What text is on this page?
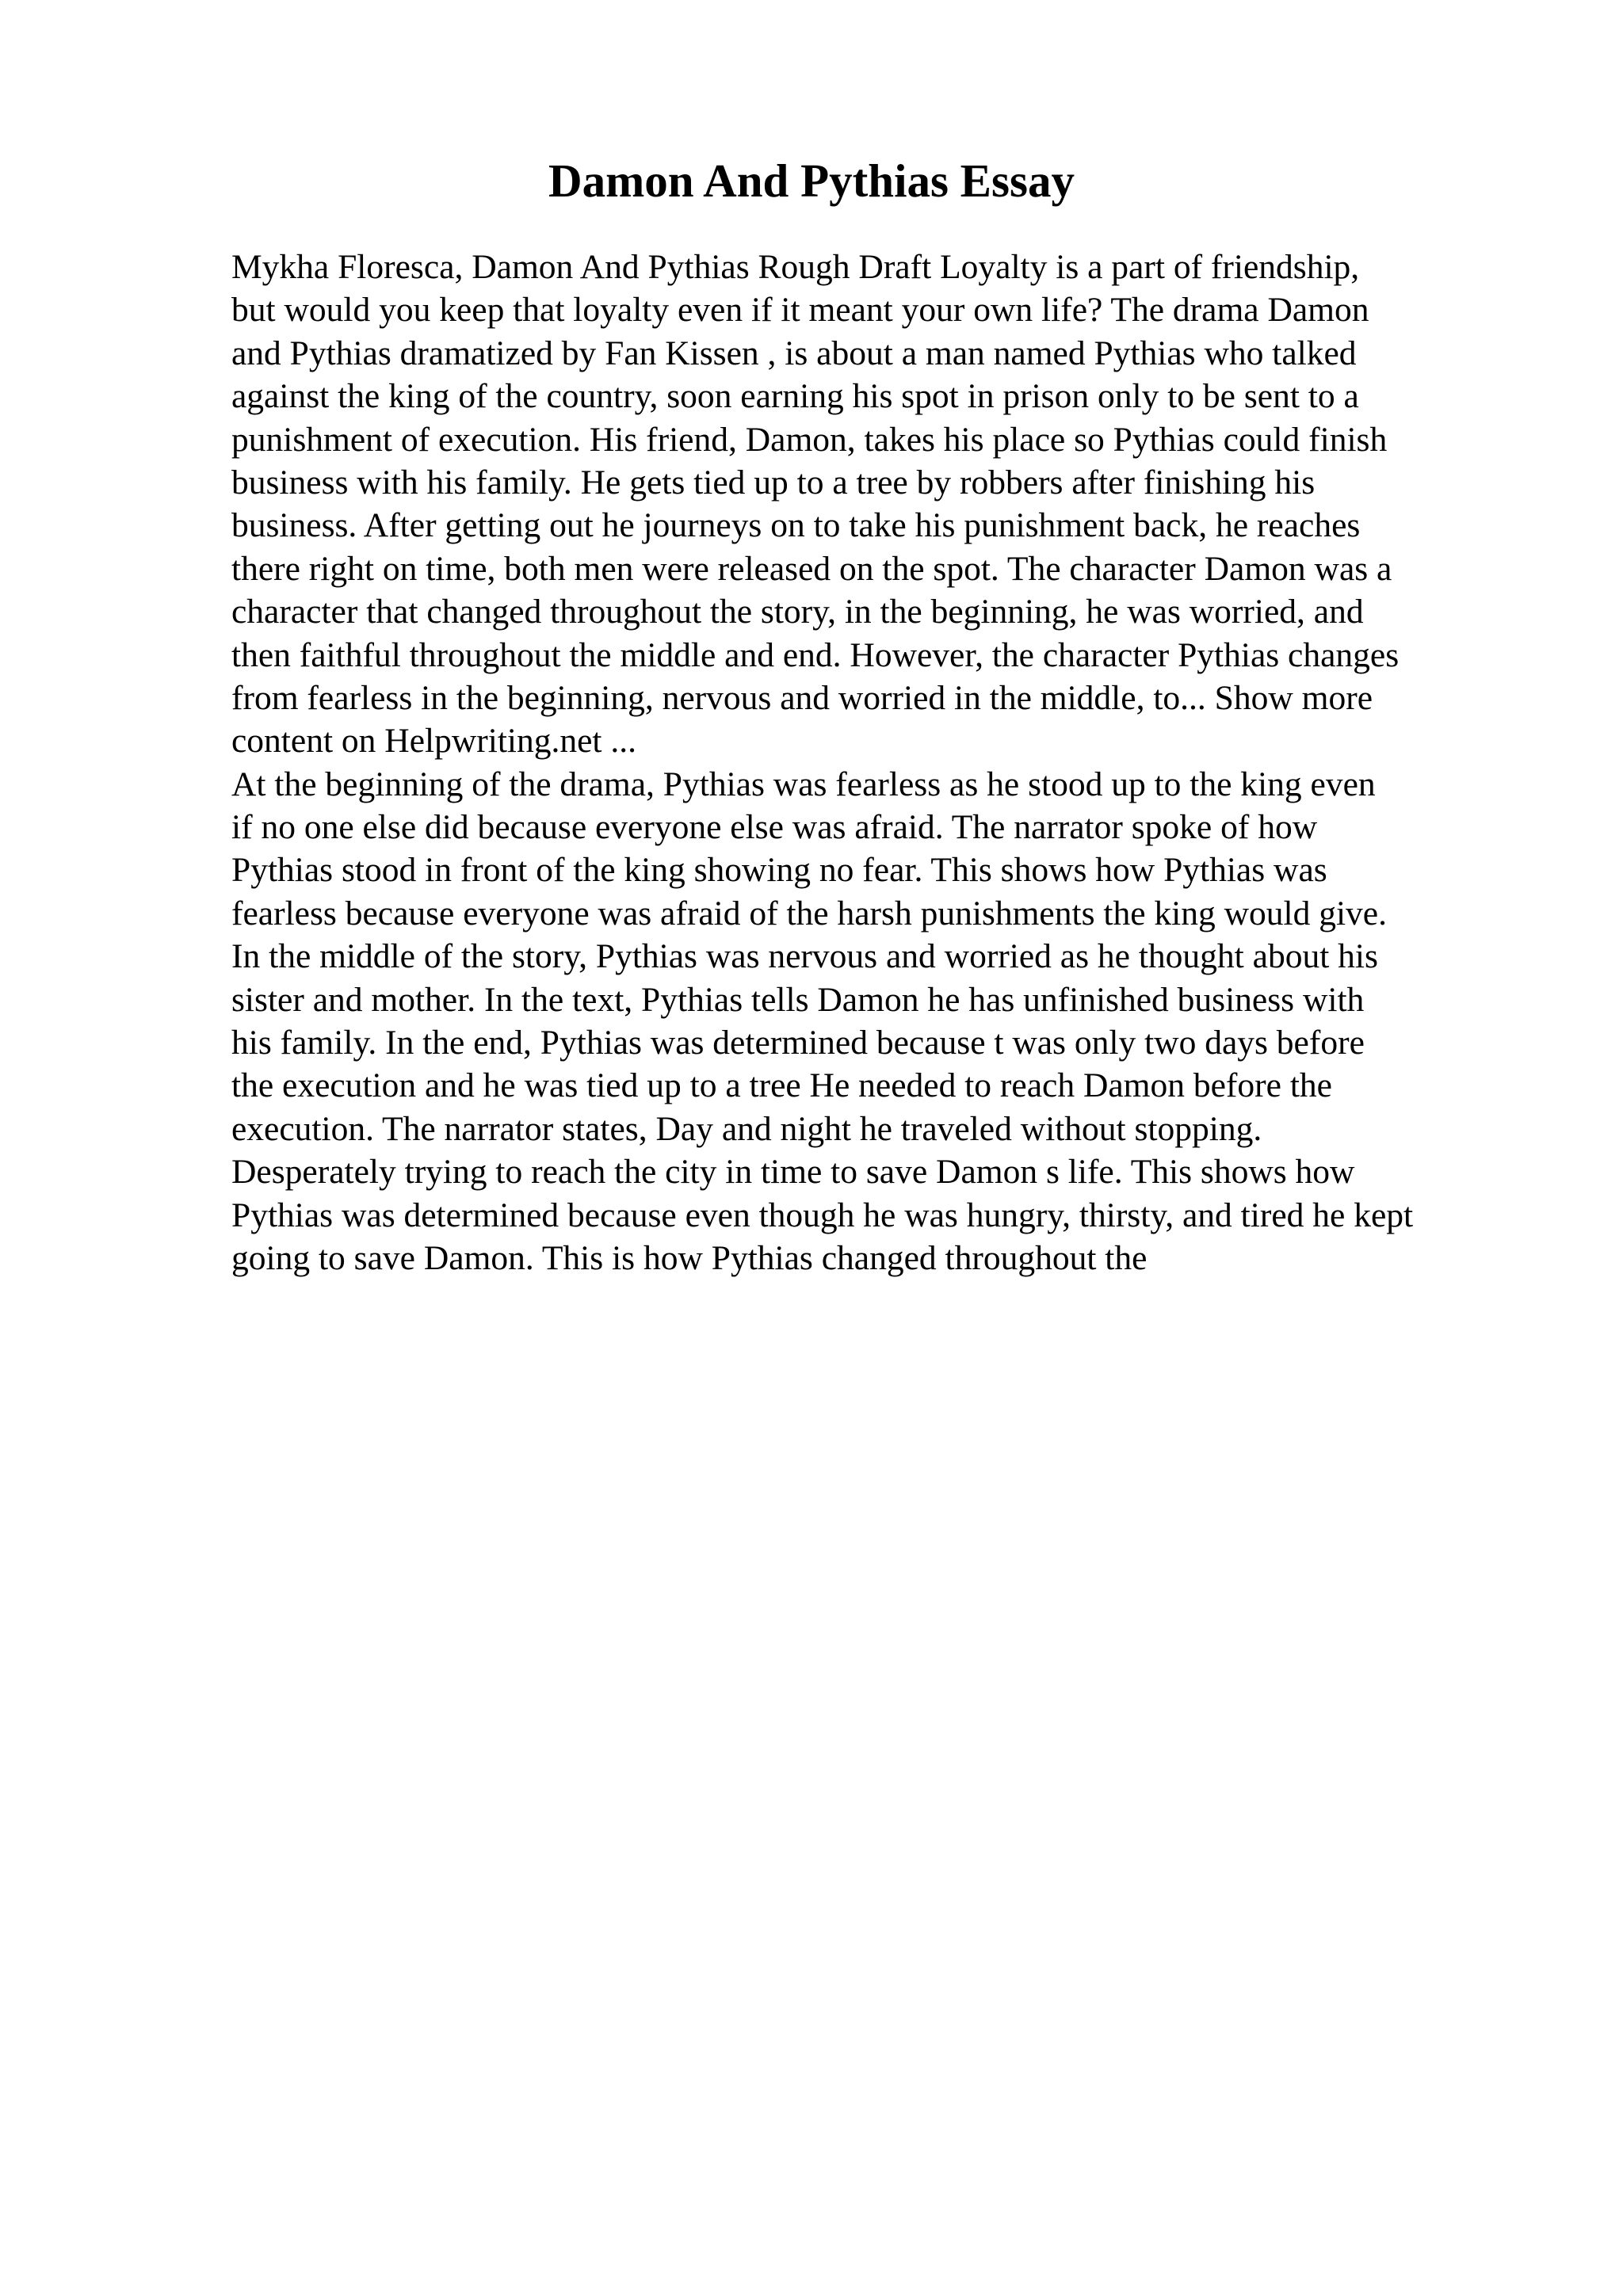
Damon And Pythias Essay
Mykha Floresca, Damon And Pythias Rough Draft Loyalty is a part of friendship,
but would you keep that loyalty even if it meant your own life? The drama Damon
and Pythias dramatized by Fan Kissen , is about a man named Pythias who talked
against the king of the country, soon earning his spot in prison only to be sent to a
punishment of execution. His friend, Damon, takes his place so Pythias could finish
business with his family. He gets tied up to a tree by robbers after finishing his
business. After getting out he journeys on to take his punishment back, he reaches
there right on time, both men were released on the spot. The character Damon was a
character that changed throughout the story, in the beginning, he was worried, and
then faithful throughout the middle and end. However, the character Pythias changes
from fearless in the beginning, nervous and worried in the middle, to... Show more
content on Helpwriting.net ...
At the beginning of the drama, Pythias was fearless as he stood up to the king even
if no one else did because everyone else was afraid. The narrator spoke of how
Pythias stood in front of the king showing no fear. This shows how Pythias was
fearless because everyone was afraid of the harsh punishments the king would give.
In the middle of the story, Pythias was nervous and worried as he thought about his
sister and mother. In the text, Pythias tells Damon he has unfinished business with
his family. In the end, Pythias was determined because t was only two days before
the execution and he was tied up to a tree He needed to reach Damon before the
execution. The narrator states, Day and night he traveled without stopping.
Desperately trying to reach the city in time to save Damon s life. This shows how
Pythias was determined because even though he was hungry, thirsty, and tired he kept
going to save Damon. This is how Pythias changed throughout the
